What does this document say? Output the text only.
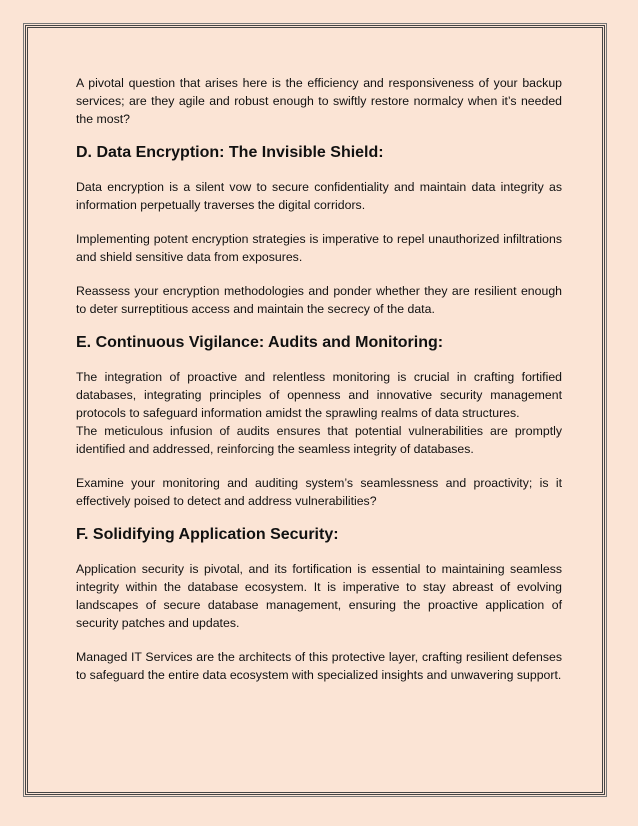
A pivotal question that arises here is the efficiency and responsiveness of your backup services; are they agile and robust enough to swiftly restore normalcy when it’s needed the most?

D. Data Encryption: The Invisible Shield:

Data encryption is a silent vow to secure confidentiality and maintain data integrity as information perpetually traverses the digital corridors.

Implementing potent encryption strategies is imperative to repel unauthorized infiltrations and shield sensitive data from exposures.

Reassess your encryption methodologies and ponder whether they are resilient enough to deter surreptitious access and maintain the secrecy of the data.

E. Continuous Vigilance: Audits and Monitoring:

The integration of proactive and relentless monitoring is crucial in crafting fortified databases, integrating principles of openness and innovative security management protocols to safeguard information amidst the sprawling realms of data structures.

The meticulous infusion of audits ensures that potential vulnerabilities are promptly identified and addressed, reinforcing the seamless integrity of databases.

Examine your monitoring and auditing system’s seamlessness and proactivity; is it effectively poised to detect and address vulnerabilities?

F. Solidifying Application Security:

Application security is pivotal, and its fortification is essential to maintaining seamless integrity within the database ecosystem. It is imperative to stay abreast of evolving landscapes of secure database management, ensuring the proactive application of security patches and updates.

Managed IT Services are the architects of this protective layer, crafting resilient defenses to safeguard the entire data ecosystem with specialized insights and unwavering support.
